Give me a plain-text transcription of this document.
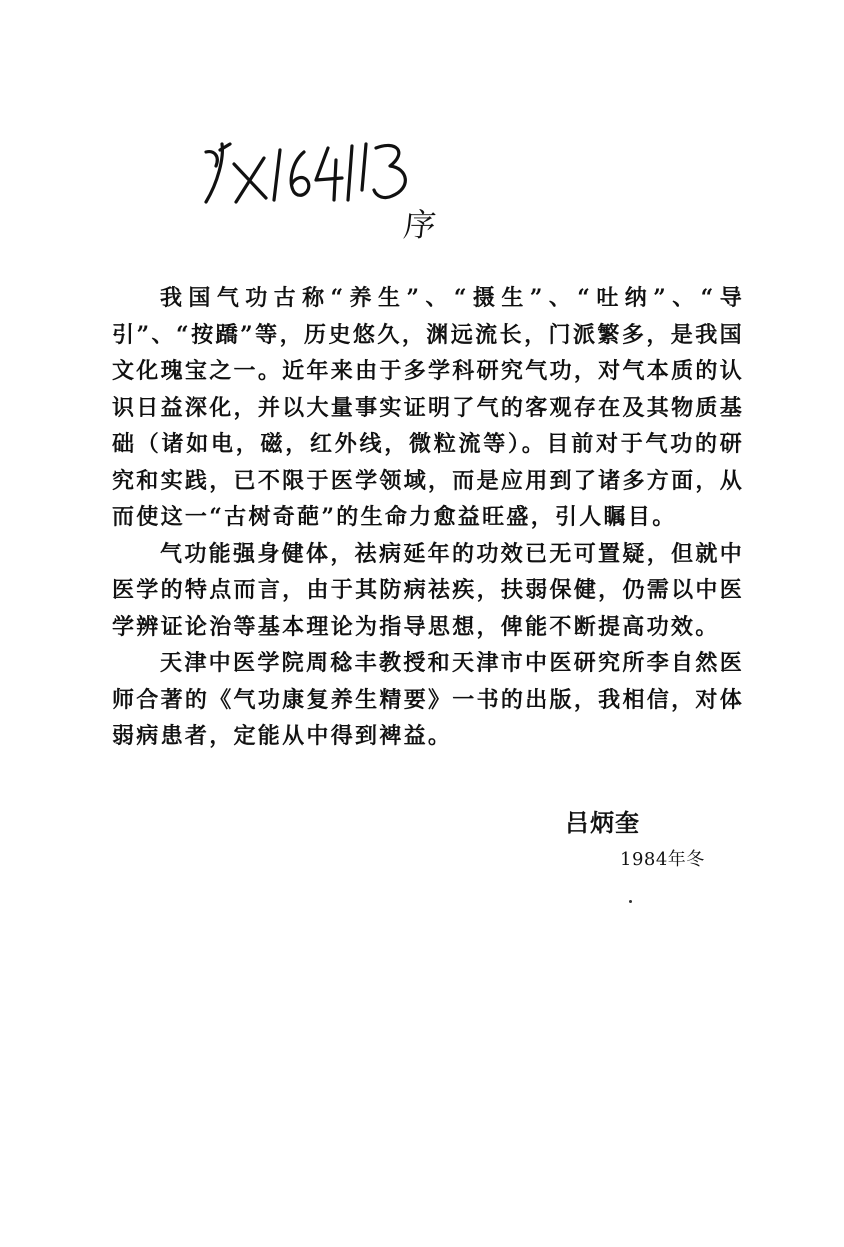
序

我国气功古称“养生”、“摄生”、“吐纳”、“导引”、“按蹻”等，历史悠久，渊远流长，门派繁多，是我国文化瑰宝之一。近年来由于多学科研究气功，对气本质的认识日益深化，并以大量事实证明了气的客观存在及其物质基础（诸如电，磁，红外线，微粒流等）。目前对于气功的研究和实践，已不限于医学领域，而是应用到了诸多方面，从而使这一“古树奇葩”的生命力愈益旺盛，引人瞩目。

气功能强身健体，祛病延年的功效已无可置疑，但就中医学的特点而言，由于其防病祛疾，扶弱保健，仍需以中医学辨证论治等基本理论为指导思想，俾能不断提高功效。

天津中医学院周稔丰教授和天津市中医研究所李自然医师合著的《气功康复养生精要》一书的出版，我相信，对体弱病患者，定能从中得到裨益。

吕炳奎
1984年冬
